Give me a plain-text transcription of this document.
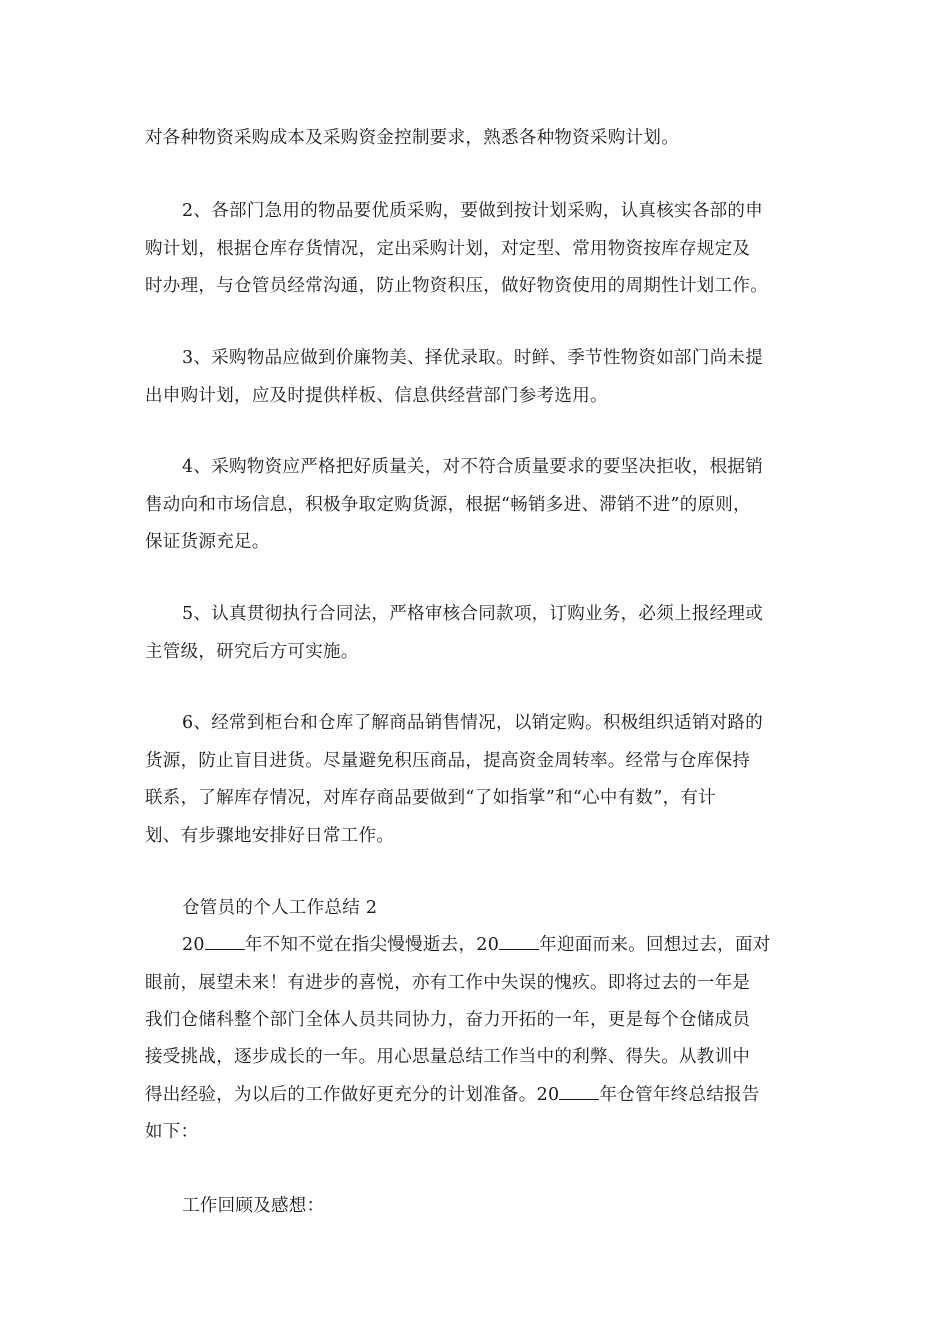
对各种物资采购成本及采购资金控制要求，熟悉各种物资采购计划。
2、各部门急用的物品要优质采购，要做到按计划采购，认真核实各部的申
购计划，根据仓库存货情况，定出采购计划，对定型、常用物资按库存规定及
时办理，与仓管员经常沟通，防止物资积压，做好物资使用的周期性计划工作。
3、采购物品应做到价廉物美、择优录取。时鲜、季节性物资如部门尚未提
出申购计划，应及时提供样板、信息供经营部门参考选用。
4、采购物资应严格把好质量关，对不符合质量要求的要坚决拒收，根据销
售动向和市场信息，积极争取定购货源，根据“畅销多进、滞销不进”的原则，
保证货源充足。
5、认真贯彻执行合同法，严格审核合同款项，订购业务，必须上报经理或
主管级，研究后方可实施。
6、经常到柜台和仓库了解商品销售情况，以销定购。积极组织适销对路的
货源，防止盲目进货。尽量避免积压商品，提高资金周转率。经常与仓库保持
联系，了解库存情况，对库存商品要做到“了如指掌”和“心中有数”，有计
划、有步骤地安排好日常工作。
仓管员的个人工作总结 2
20 年不知不觉在指尖慢慢逝去，20 年迎面而来。回想过去，面对
眼前，展望未来！有进步的喜悦，亦有工作中失误的愧疚。即将过去的一年是
我们仓储科整个部门全体人员共同协力，奋力开拓的一年，更是每个仓储成员
接受挑战，逐步成长的一年。用心思量总结工作当中的利弊、得失。从教训中
得出经验，为以后的工作做好更充分的计划准备。20 年仓管年终总结报告
如下：
工作回顾及感想：
